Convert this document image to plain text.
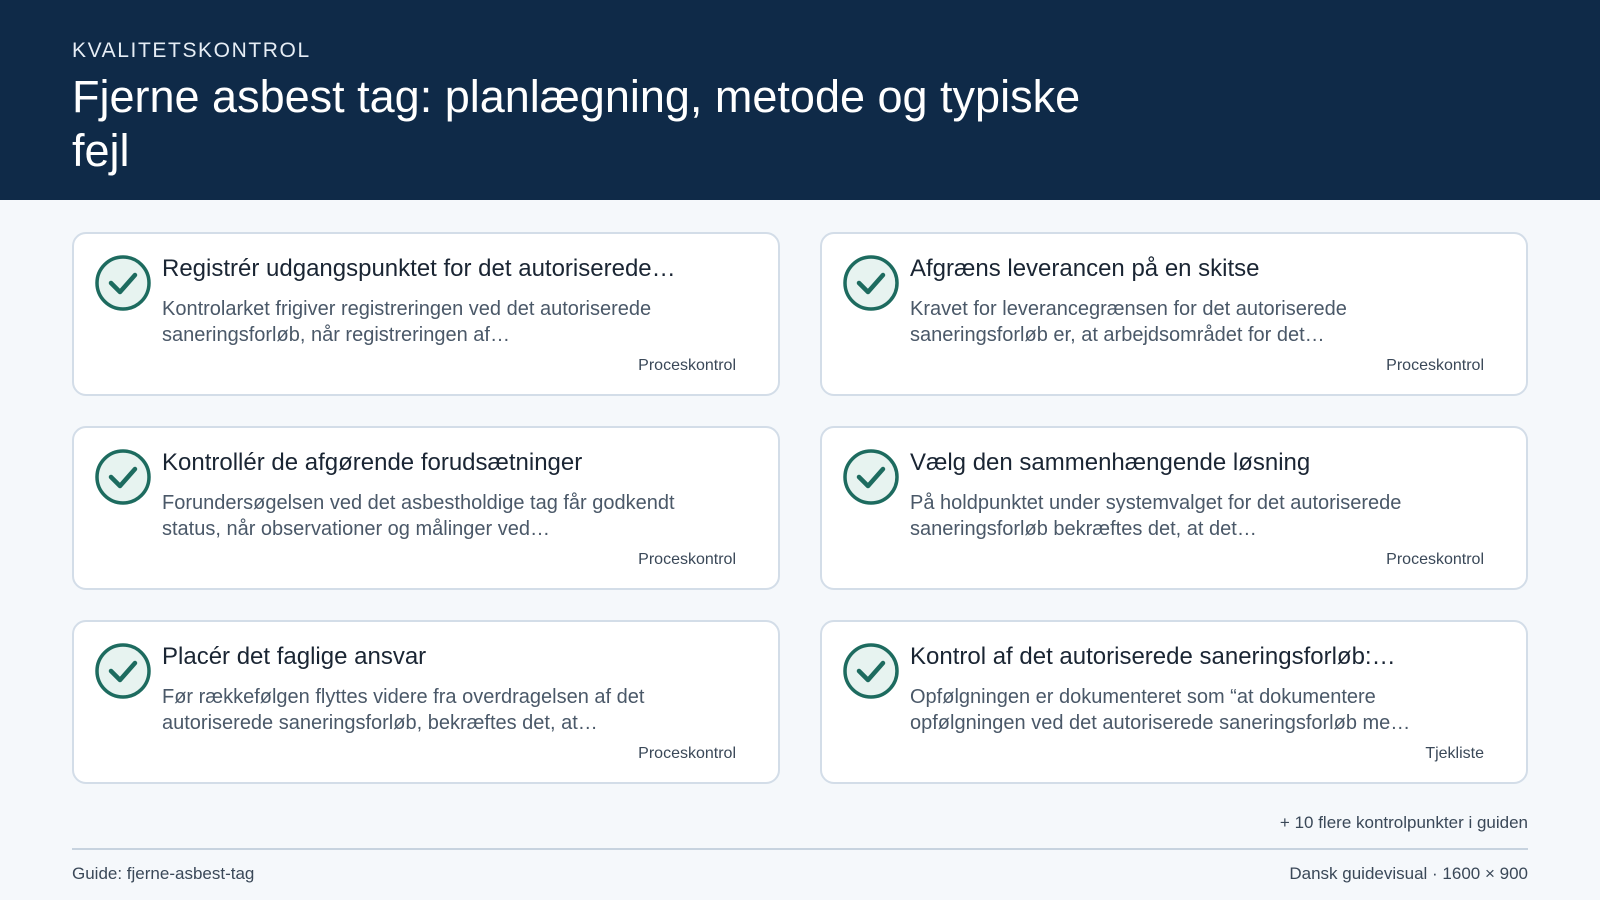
KVALITETSKONTROL
Fjerne asbest tag: planlægning, metode og typiske fejl
Registrér udgangspunktet for det autoriserede…
Kontrolarket frigiver registreringen ved det autoriserede saneringsforløb, når registreringen af…
Proceskontrol
Afgræns leverancen på en skitse
Kravet for leverancegrænsen for det autoriserede saneringsforløb er, at arbejdsområdet for det…
Proceskontrol
Kontrollér de afgørende forudsætninger
Forundersøgelsen ved det asbestholdige tag får godkendt status, når observationer og målinger ved…
Proceskontrol
Vælg den sammenhængende løsning
På holdpunktet under systemvalget for det autoriserede saneringsforløb bekræftes det, at det…
Proceskontrol
Placér det faglige ansvar
Før rækkefølgen flyttes videre fra overdragelsen af det autoriserede saneringsforløb, bekræftes det, at…
Proceskontrol
Kontrol af det autoriserede saneringsforløb:…
Opfølgningen er dokumenteret som “at dokumentere opfølgningen ved det autoriserede saneringsforløb me…
Tjekliste
+ 10 flere kontrolpunkter i guiden
Guide: fjerne-asbest-tag	Dansk guidevisual · 1600 × 900
